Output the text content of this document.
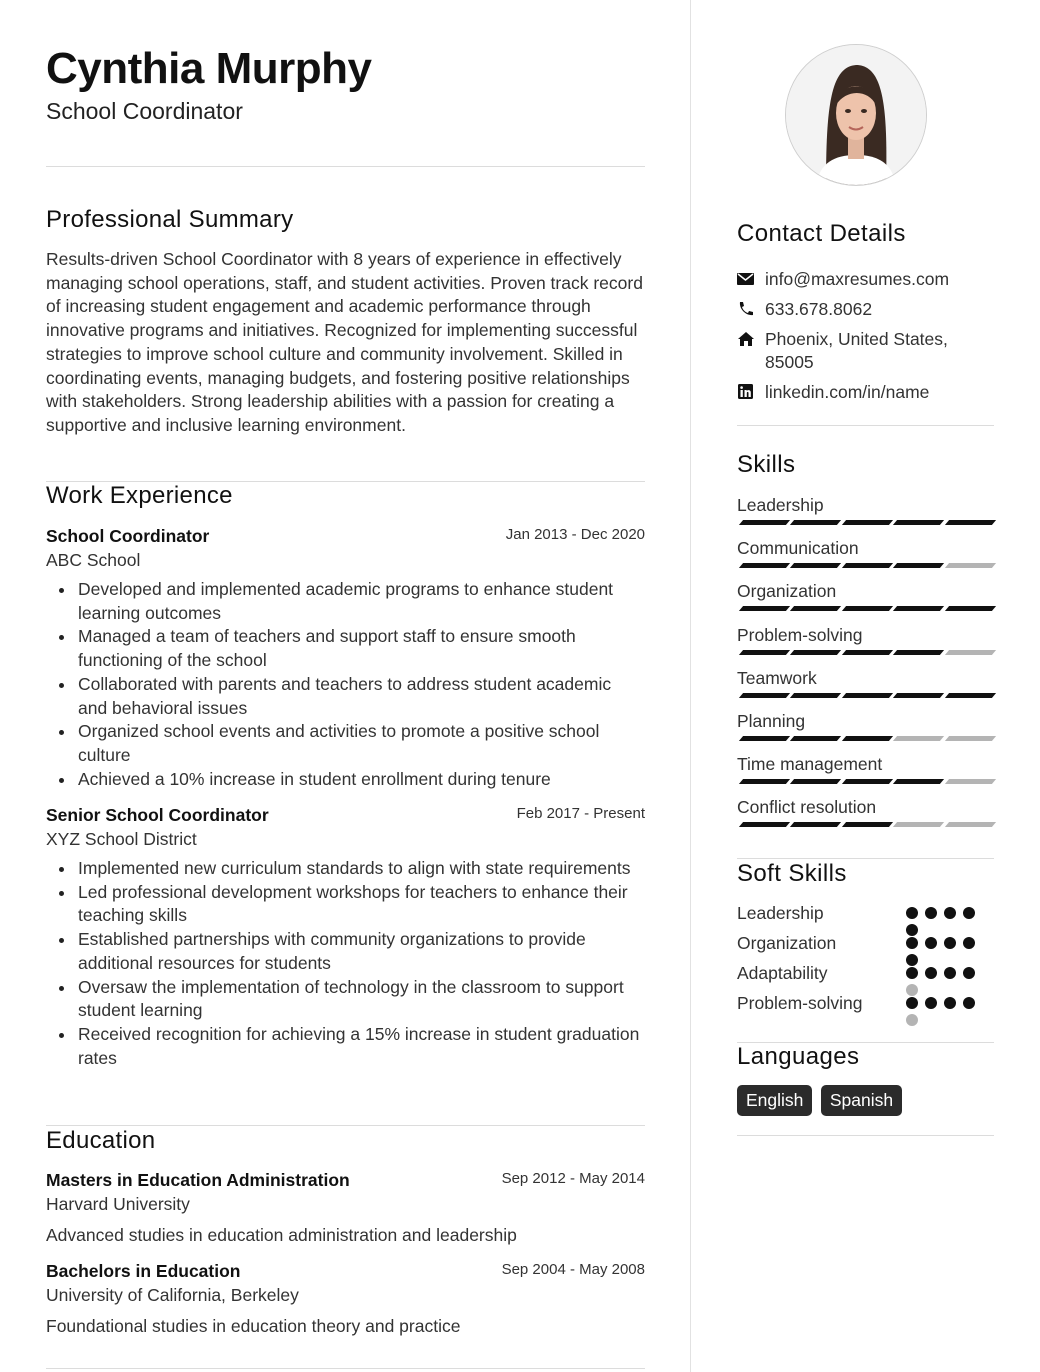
Cynthia Murphy
School Coordinator
Professional Summary

Results-driven School Coordinator with 8 years of experience in effectively managing school operations, staff, and student activities. Proven track record of increasing student engagement and academic performance through innovative programs and initiatives. Recognized for implementing successful strategies to improve school culture and community involvement. Skilled in coordinating events, managing budgets, and fostering positive relationships with stakeholders. Strong leadership abilities with a passion for creating a supportive and inclusive learning environment.

Work Experience
School Coordinator	Jan 2013 - Dec 2020
ABC School
Developed and implemented academic programs to enhance student learning outcomes
Managed a team of teachers and support staff to ensure smooth functioning of the school
Collaborated with parents and teachers to address student academic and behavioral issues
Organized school events and activities to promote a positive school culture
Achieved a 10% increase in student enrollment during tenure
Senior School Coordinator	Feb 2017 - Present
XYZ School District
Implemented new curriculum standards to align with state requirements
Led professional development workshops for teachers to enhance their teaching skills
Established partnerships with community organizations to provide additional resources for students
Oversaw the implementation of technology in the classroom to support student learning
Received recognition for achieving a 15% increase in student graduation rates
Education
Masters in Education Administration	Sep 2012 - May 2014
Harvard University

Advanced studies in education administration and leadership

Bachelors in Education	Sep 2004 - May 2008
University of California, Berkeley

Foundational studies in education theory and practice

Contact Details
info@maxresumes.com
633.678.8062
Phoenix, United States, 85005
linkedin.com/in/name
Skills
Leadership
Communication
Organization
Problem-solving
Teamwork
Planning
Time management
Conflict resolution
Soft Skills
Leadership
Organization
Adaptability
Problem-solving
Languages
English Spanish
